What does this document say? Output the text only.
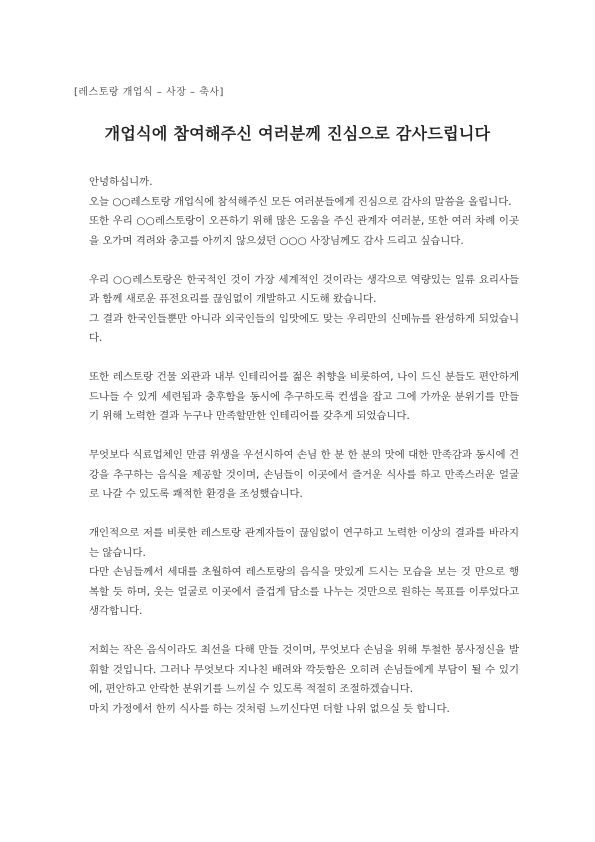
[레스토랑 개업식 – 사장 – 축사]
개업식에 참여해주신 여러분께 진심으로 감사드립니다

안녕하십니까.

오늘 ○○레스토랑 개업식에 참석해주신 모든 여러분들에게 진심으로 감사의 말씀을 올립니다.

또한 우리 ○○레스토랑이 오픈하기 위해 많은 도움을 주신 관계자 여러분, 또한 여러 차례 이곳을 오가며 격려와 충고를 아끼지 않으셨던 ○○○ 사장님께도 감사 드리고 싶습니다.

우리 ○○레스토랑은 한국적인 것이 가장 세계적인 것이라는 생각으로 역량있는 일류 요리사들과 함께 새로운 퓨전요리를 끊임없이 개발하고 시도해 왔습니다.

그 결과 한국인들뿐만 아니라 외국인들의 입맛에도 맞는 우리만의 신메뉴를 완성하게 되었습니다.

또한 레스토랑 건물 외관과 내부 인테리어를 젊은 취향을 비롯하여, 나이 드신 분들도 편안하게 드나들 수 있게 세련됨과 충후함을 동시에 추구하도록 컨셉을 잡고 그에 가까운 분위기를 만들기 위해 노력한 결과 누구나 만족할만한 인테리어를 갖추게 되었습니다.

무엇보다 식료업체인 만큼 위생을 우선시하여 손님 한 분 한 분의 맛에 대한 만족감과 동시에 건강을 추구하는 음식을 제공할 것이며, 손님들이 이곳에서 즐거운 식사를 하고 만족스러운 얼굴로 나갈 수 있도록 쾌적한 환경을 조성했습니다.

개인적으로 저를 비롯한 레스토랑 관계자들이 끊임없이 연구하고 노력한 이상의 결과를 바라지는 않습니다.

다만 손님들께서 세대를 초월하여 레스토랑의 음식을 맛있게 드시는 모습을 보는 것 만으로 행복할 듯 하며, 웃는 얼굴로 이곳에서 즐겁게 담소를 나누는 것만으로 원하는 목표를 이루었다고 생각합니다.

저희는 작은 음식이라도 최선을 다해 만들 것이며, 무엇보다 손님을 위해 투철한 봉사정신을 발휘할 것입니다. 그러나 무엇보다 지나친 배려와 깍듯함은 오히려 손님들에게 부담이 될 수 있기에, 편안하고 안락한 분위기를 느끼실 수 있도록 적절히 조절하겠습니다.

마치 가정에서 한끼 식사를 하는 것처럼 느끼신다면 더할 나위 없으실 듯 합니다.
